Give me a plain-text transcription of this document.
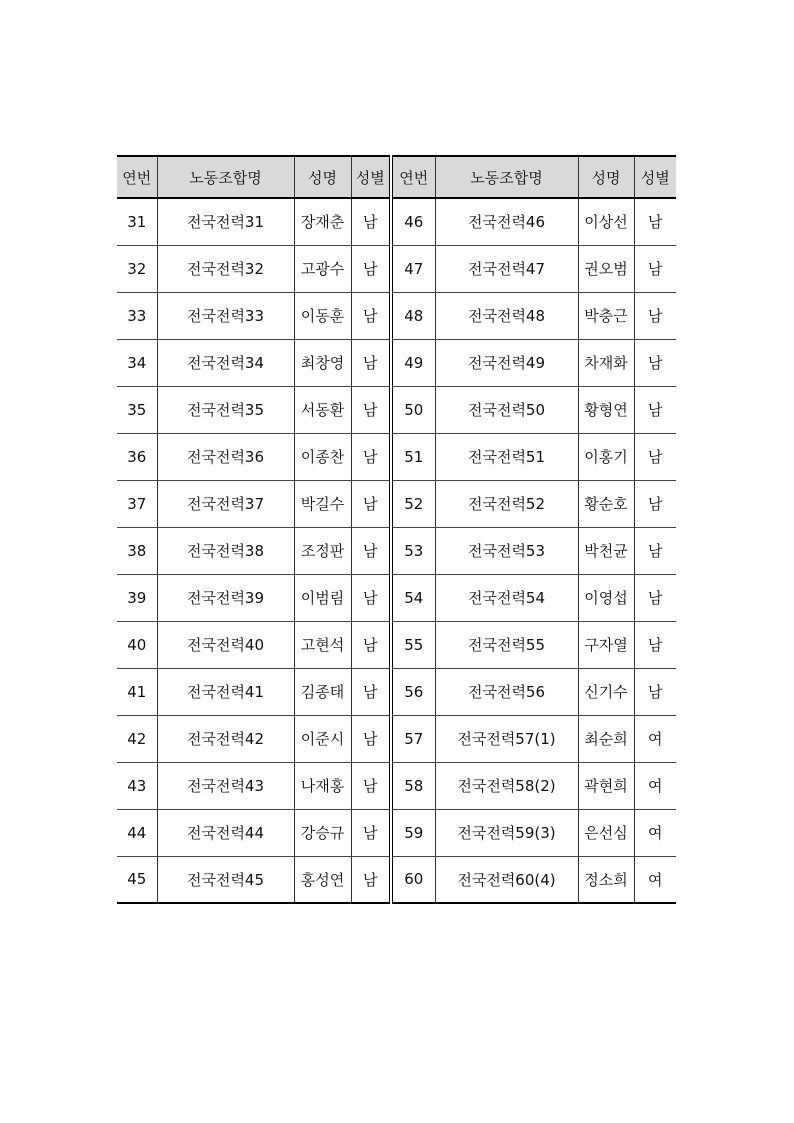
연번	노동조합명	성명	성별	연번	노동조합명	성명	성별
31	전국전력31	장재춘	남	46	전국전력46	이상선	남
32	전국전력32	고광수	남	47	전국전력47	권오범	남
33	전국전력33	이동훈	남	48	전국전력48	박충근	남
34	전국전력34	최창영	남	49	전국전력49	차재화	남
35	전국전력35	서동환	남	50	전국전력50	황형연	남
36	전국전력36	이종찬	남	51	전국전력51	이홍기	남
37	전국전력37	박길수	남	52	전국전력52	황순호	남
38	전국전력38	조정판	남	53	전국전력53	박천균	남
39	전국전력39	이범림	남	54	전국전력54	이영섭	남
40	전국전력40	고현석	남	55	전국전력55	구자열	남
41	전국전력41	김종태	남	56	전국전력56	신기수	남
42	전국전력42	이준시	남	57	전국전력57(1)	최순희	여
43	전국전력43	나재홍	남	58	전국전력58(2)	곽현희	여
44	전국전력44	강승규	남	59	전국전력59(3)	은선심	여
45	전국전력45	홍성연	남	60	전국전력60(4)	정소희	여
